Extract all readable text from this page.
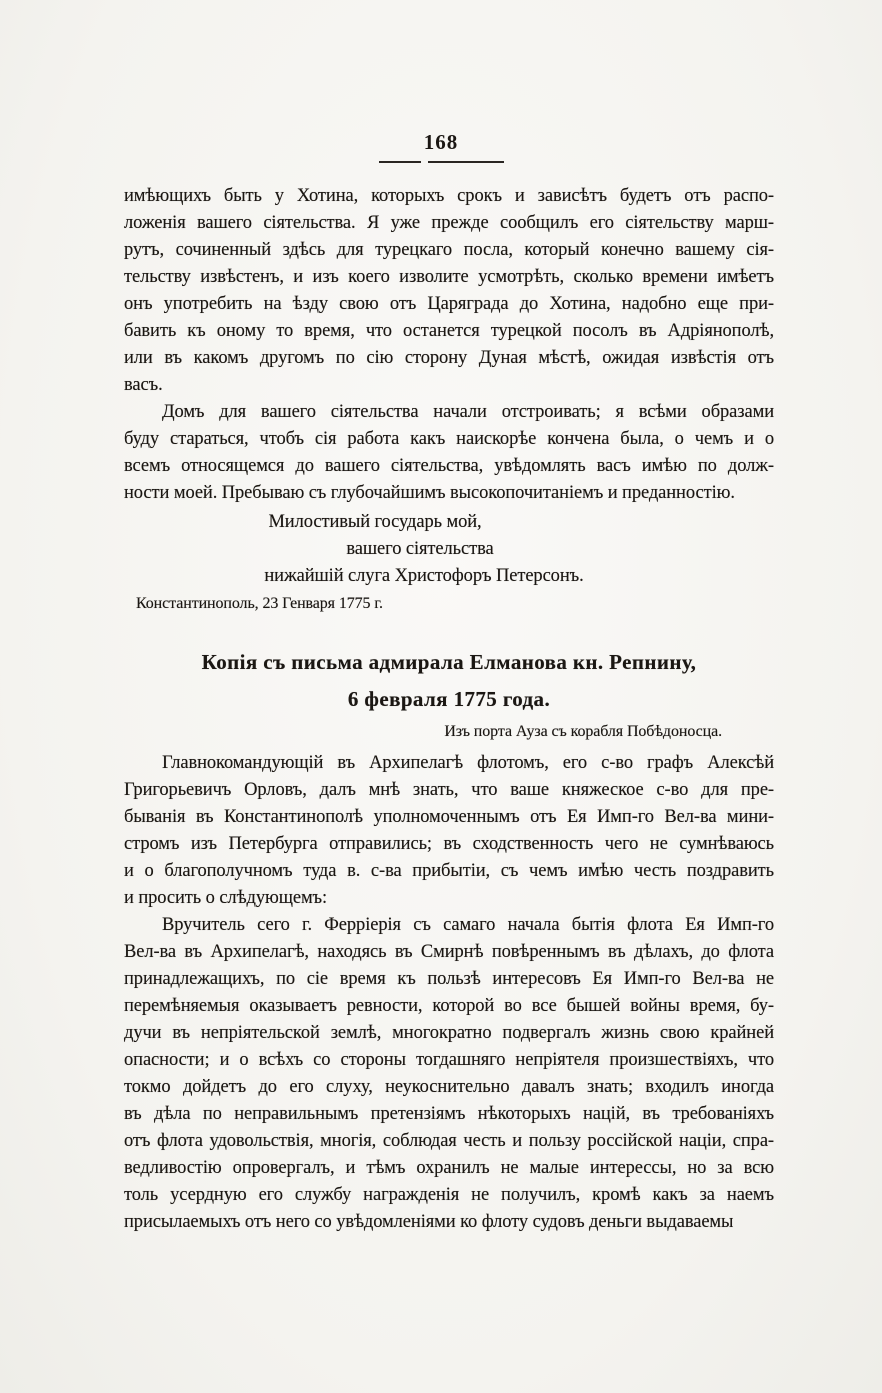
168
имѣющихъ быть у Хотина, которыхъ срокъ и зависѣтъ будетъ отъ распо-
ложенія вашего сіятельства. Я уже прежде сообщилъ его сіятельству марш-
рутъ, сочиненный здѣсь для турецкаго посла, который конечно вашему сія-
тельству извѣстенъ, и изъ коего изволите усмотрѣть, сколько времени имѣетъ
онъ употребить на ѣзду свою отъ Царяграда до Хотина, надобно еще при-
бавить къ оному то время, что останется турецкой посолъ въ Адріянополѣ,
или въ какомъ другомъ по сію сторону Дуная мѣстѣ, ожидая извѣстія отъ
васъ.
Домъ для вашего сіятельства начали отстроивать; я всѣми образами
буду стараться, чтобъ сія работа какъ наискорѣе кончена была, о чемъ и о
всемъ относящемся до вашего сіятельства, увѣдомлять васъ имѣю по долж-
ности моей. Пребываю съ глубочайшимъ высокопочитаніемъ и преданностію.
Милостивый государь мой,
вашего сіятельства
нижайшій слуга Христофоръ Петерсонъ.
Константинополь, 23 Генваря 1775 г.
Копія съ письма адмирала Елманова кн. Репнину,
6 февраля 1775 года.
Изъ порта Ауза съ корабля Побѣдоносца.
Главнокомандующій въ Архипелагѣ флотомъ, его с-во графъ Алексѣй
Григорьевичъ Орловъ, далъ мнѣ знать, что ваше княжеское с-во для пре-
быванія въ Константинополѣ уполномоченнымъ отъ Ея Имп-го Вел-ва мини-
стромъ изъ Петербурга отправились; въ сходственность чего не сумнѣваюсь
и о благополучномъ туда в. с-ва прибытіи, съ чемъ имѣю честь поздравить
и просить о слѣдующемъ:
Вручитель сего г. Ферріерія съ самаго начала бытія флота Ея Имп-го
Вел-ва въ Архипелагѣ, находясь въ Смирнѣ повѣреннымъ въ дѣлахъ, до флота
принадлежащихъ, по сіе время къ пользѣ интересовъ Ея Имп-го Вел-ва не
перемѣняемыя оказываетъ ревности, которой во все бышей войны время, бу-
дучи въ непріятельской землѣ, многократно подвергалъ жизнь свою крайней
опасности; и о всѣхъ со стороны тогдашняго непріятеля произшествіяхъ, что
токмо дойдетъ до его слуху, неукоснительно давалъ знать; входилъ иногда
въ дѣла по неправильнымъ претензіямъ нѣкоторыхъ націй, въ требованіяхъ
отъ флота удовольствія, многія, соблюдая честь и пользу россійской націи, спра-
ведливостію опровергалъ, и тѣмъ охранилъ не малые интерессы, но за всю
толь усердную его службу награжденія не получилъ, кромѣ какъ за наемъ
присылаемыхъ отъ него со увѣдомленіями ко флоту судовъ деньги выдаваемы
